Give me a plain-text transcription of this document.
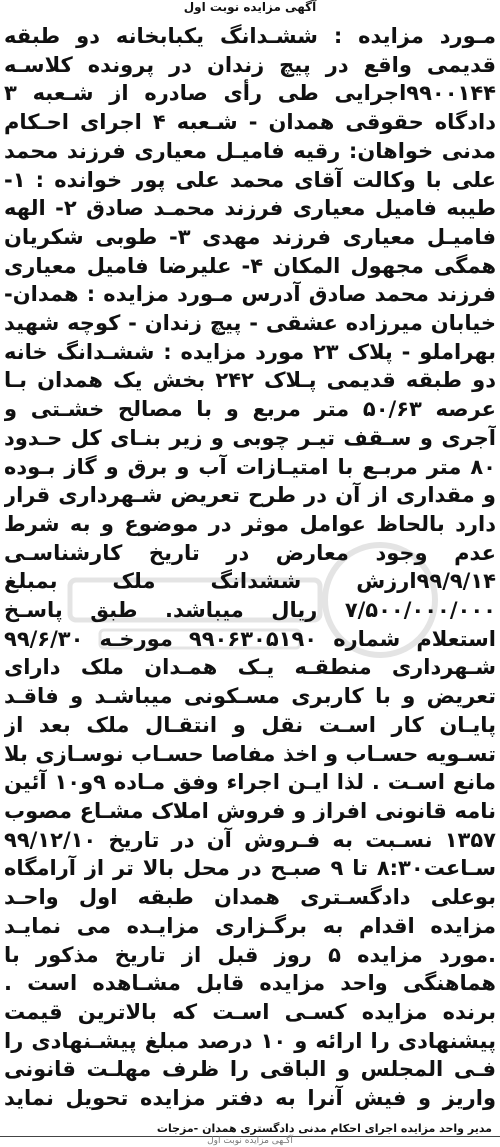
آگهی مزایده نوبت اول

مـورد مزایده : ششـدانگ یکبابخانه دو طبقه قدیمی واقع در پیچ زندان در پرونده کلاسـه ۹۹۰۰۱۴۴اجرایی طی رأی صادره از شـعبه ۳ دادگاه حقوقی همدان - شـعبه ۴ اجرای احـکام مدنی خواهان: رقیه فامیـل معیاری فرزند محمد علی با وکالت آقای محمد علی پور خوانده : ۱- طیبه فامیل معیاری فرزند محمـد صادق ۲- الهه فامیـل معیاری فرزند مهدی ۳- طوبی شکریان همگی مجهول المکان ۴- علیرضا فامیل معیاری فرزند محمد صادق آدرس مـورد مزایده : همدان- خیابان میرزاده عشقی - پیچ زندان - کوچه شهید بهراملو - پلاک ۲۳ مورد مزایده : ششـدانگ خانه دو طبقه قدیمی پـلاک ۲۴۲ بخش یک همدان بـا عرصه ۵۰/۶۳ متر مربع و با مصالح خشـتی و آجری و سـقف تیـر چوبی و زیر بنـای کل حـدود ۸۰ متر مربـع با امتیـازات آب و برق و گاز بـوده و مقداری از آن در طرح تعریض شـهرداری قرار دارد بالحاظ عوامل موثر در موضوع و به شرط عدم وجود معارض در تاریخ کارشناسـی ۹۹/۹/۱۴ارزش ششدانگ ملک بمبلغ ۷/۵۰۰/۰۰۰/۰۰۰ ریال میباشد. طبق پاسـخ استعلام شماره ۹۹۰۶۳۰۵۱۹۰ مورخـه ۹۹/۶/۳۰ شـهرداری منطقـه یـک همـدان ملک دارای تعریض و با کاربری مسـکونی میباشـد و فاقـد پایـان کار اسـت نقل و انتقـال ملک بعد از تسـویه حسـاب و اخذ مفاصا حسـاب نوسـازی بلا مانع اسـت . لذا ایـن اجراء وفق مـاده ۹و۱۰ آئین نامه قانونی افراز و فروش املاک مشـاع مصوب ۱۳۵۷ نسـبت به فـروش آن در تاریخ ۹۹/۱۲/۱۰ سـاعت۸:۳۰ تا ۹ صبـح در محل بالا تر از آرامگاه بوعلی دادگسـتری همدان طبقه اول واحـد مزایده اقدام به برگـزاری مزایـده می نمایـد .مورد مزایده ۵ روز قبل از تاریخ مذکور با هماهنگی واحد مزایده قابل مشـاهده است . برنده مزایده کسـی اسـت که بالاترین قیمت پیشنهادی را ارائه و ۱۰ درصد مبلغ پیشـنهادی را فـی المجلس و الباقی را ظرف مهلـت قانونی واریز و فیش آنرا به دفتر مزایده تحویل نماید

مدیر واحد مزایده اجرای احکام مدنی دادگستری همدان -مزجات
آگـهی مزایده نوبت اول
